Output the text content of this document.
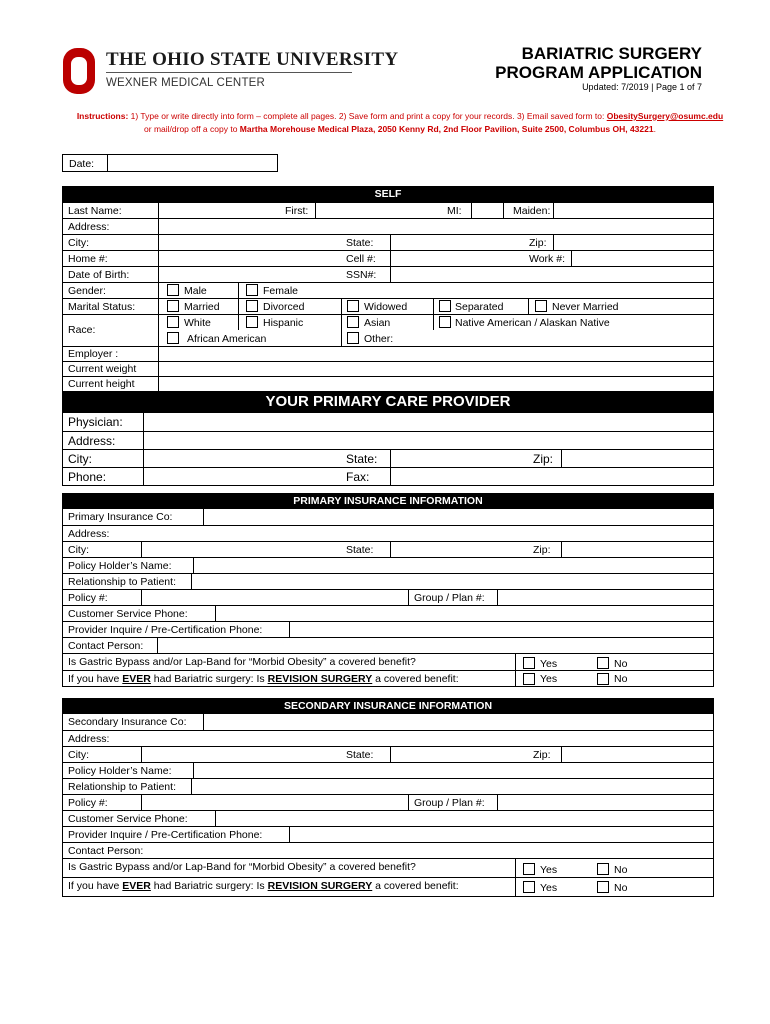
THE OHIO STATE UNIVERSITY
WEXNER MEDICAL CENTER
BARIATRIC SURGERY
PROGRAM APPLICATION
Updated: 7/2019 | Page 1 of 7
Instructions: 1) Type or write directly into form – complete all pages. 2) Save form and print a copy for your records. 3) Email saved form to: ObesitySurgery@osumc.edu
or mail/drop off a copy to Martha Morehouse Medical Plaza, 2050 Kenny Rd, 2nd Floor Pavilion, Suite 2500, Columbus OH, 43221.
Date:
SELF
Last Name:	First:	MI:	Maiden:
Address:
City:	State:	Zip:
Home #:	Cell #:	Work #:
Date of Birth:	SSN#:
Gender:	Male	Female
Marital Status:	Married	Divorced	Widowed	Separated	Never Married
Race:
White	Hispanic	Asian	Native American / Alaskan Native
African American	Other:
Employer :
Current weight
Current height
YOUR PRIMARY CARE PROVIDER
Physician:
Address:
City:	State:	Zip:
Phone:	Fax:
PRIMARY INSURANCE INFORMATION
Primary Insurance Co:
Address:
City:	State:	Zip:
Policy Holder’s Name:
Relationship to Patient:
Policy #:	Group / Plan #:
Customer Service Phone:
Provider Inquire / Pre-Certification Phone:
Contact Person:
Is Gastric Bypass and/or Lap-Band for “Morbid Obesity” a covered benefit?	Yes	No
If you have EVER had Bariatric surgery: Is REVISION SURGERY a covered benefit:	Yes	No
SECONDARY INSURANCE INFORMATION
Secondary Insurance Co:
Address:
City:	State:	Zip:
Policy Holder’s Name:
Relationship to Patient:
Policy #:	Group / Plan #:
Customer Service Phone:
Provider Inquire / Pre-Certification Phone:
Contact Person:
Is Gastric Bypass and/or Lap-Band for “Morbid Obesity” a covered benefit?	Yes	No
If you have EVER had Bariatric surgery: Is REVISION SURGERY a covered benefit:	Yes	No
